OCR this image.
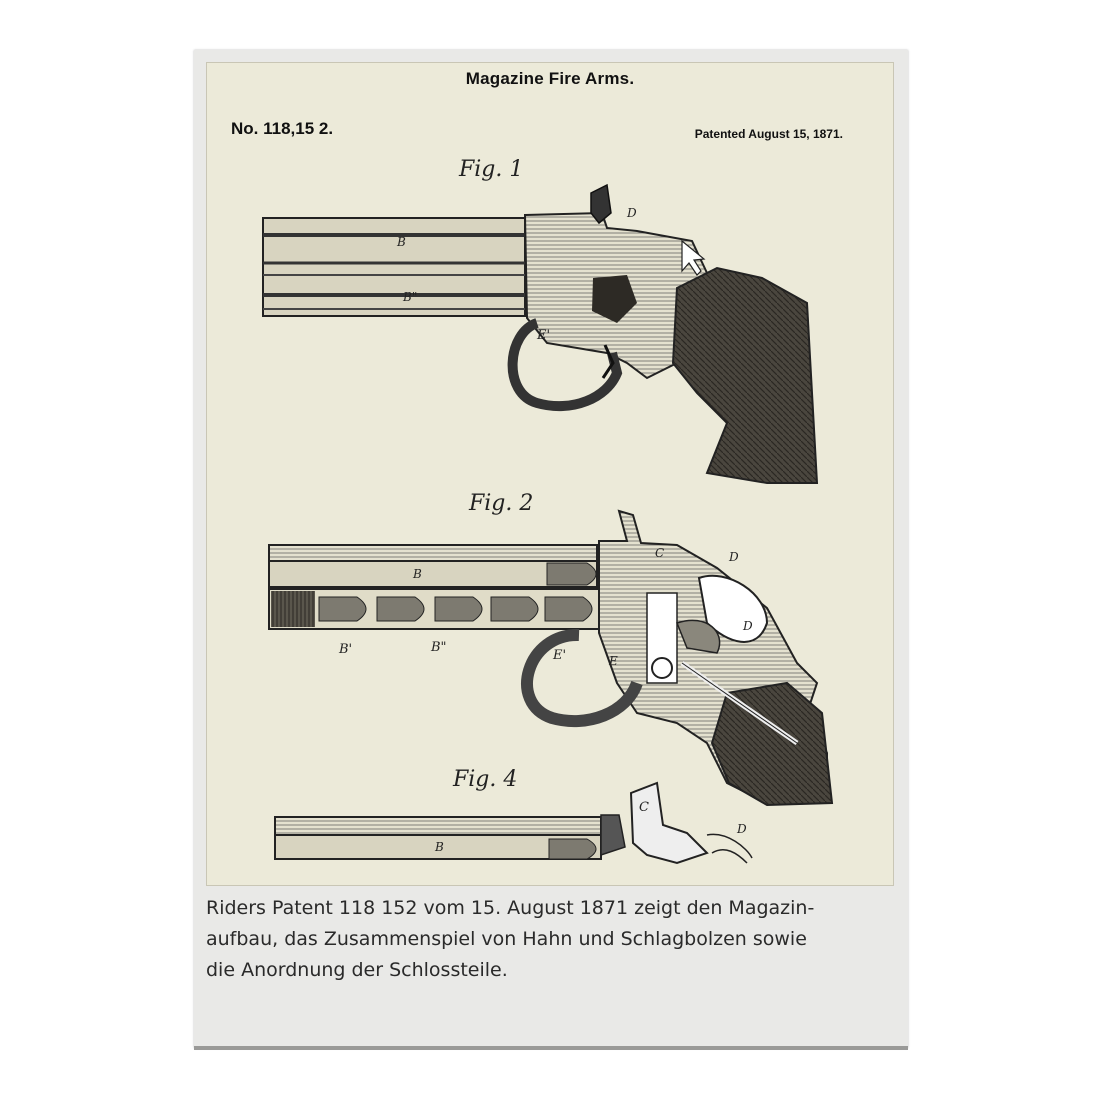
Magazine Fire Arms.
No. 118,15 2.	Patented August 15, 1871.
Fig. 1
Fig. 2
Fig. 4
B
B"
E'
D
B
B'	B"
E'	E
C	D
D
C
D
B
Riders Patent 118 152 vom 15. August 1871 zeigt den Magazin-
aufbau, das Zusammenspiel von Hahn und Schlagbolzen sowie
die Anordnung der Schlossteile.
